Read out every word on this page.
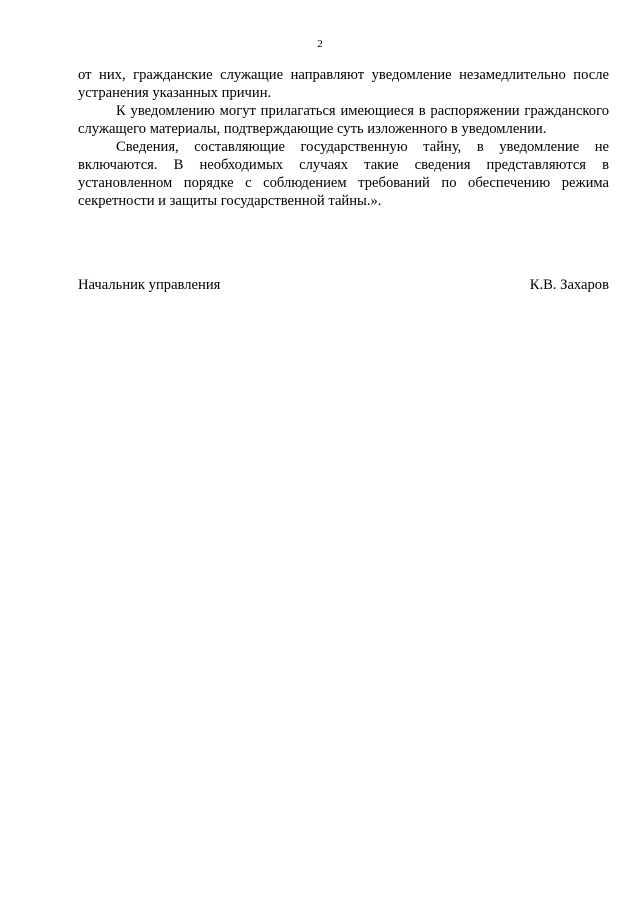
2

от них, гражданские служащие направляют уведомление незамедлительно после устранения указанных причин.

К уведомлению могут прилагаться имеющиеся в распоряжении гражданского служащего материалы, подтверждающие суть изложенного в уведомлении.

Сведения, составляющие государственную тайну, в уведомление не включаются. В необходимых случаях такие сведения представляются в установленном порядке с соблюдением требований по обеспечению режима секретности и защиты государственной тайны.».

Начальник управления	К.В. Захаров
